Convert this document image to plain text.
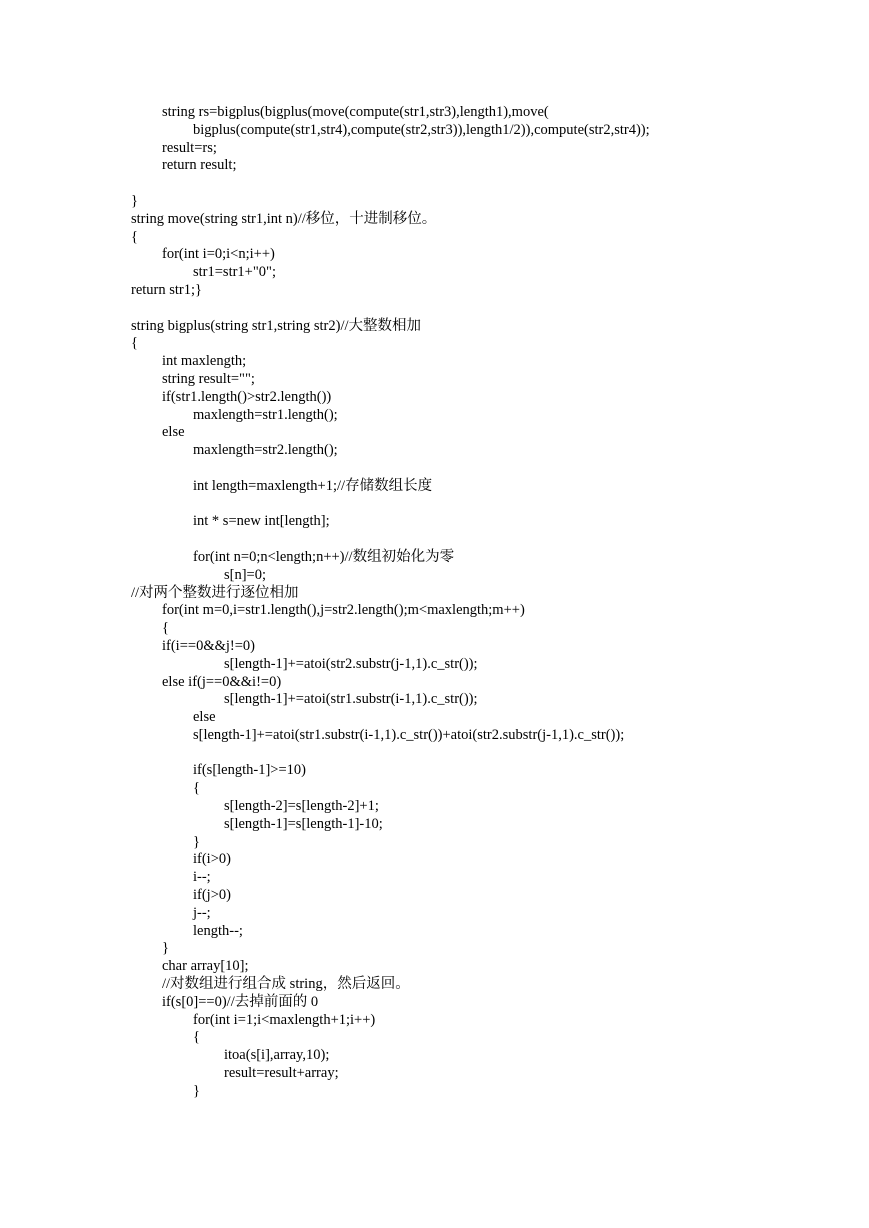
string rs=bigplus(bigplus(move(compute(str1,str3),length1),move(
bigplus(compute(str1,str4),compute(str2,str3)),length1/2)),compute(str2,str4));
result=rs;
return result;
}
string move(string str1,int n)//移位，十进制移位。
{
for(int i=0;i<n;i++)
str1=str1+"0";
return str1;}
string bigplus(string str1,string str2)//大整数相加
{
int maxlength;
string result="";
if(str1.length()>str2.length())
maxlength=str1.length();
else
maxlength=str2.length();
int length=maxlength+1;//存储数组长度
int * s=new int[length];
for(int n=0;n<length;n++)//数组初始化为零
s[n]=0;
//对两个整数进行逐位相加
for(int m=0,i=str1.length(),j=str2.length();m<maxlength;m++)
{
if(i==0&&j!=0)
s[length-1]+=atoi(str2.substr(j-1,1).c_str());
else if(j==0&&i!=0)
s[length-1]+=atoi(str1.substr(i-1,1).c_str());
else
s[length-1]+=atoi(str1.substr(i-1,1).c_str())+atoi(str2.substr(j-1,1).c_str());
if(s[length-1]>=10)
{
s[length-2]=s[length-2]+1;
s[length-1]=s[length-1]-10;
}
if(i>0)
i--;
if(j>0)
j--;
length--;
}
char array[10];
//对数组进行组合成 string，然后返回。
if(s[0]==0)//去掉前面的 0
for(int i=1;i<maxlength+1;i++)
{
itoa(s[i],array,10);
result=result+array;
}
